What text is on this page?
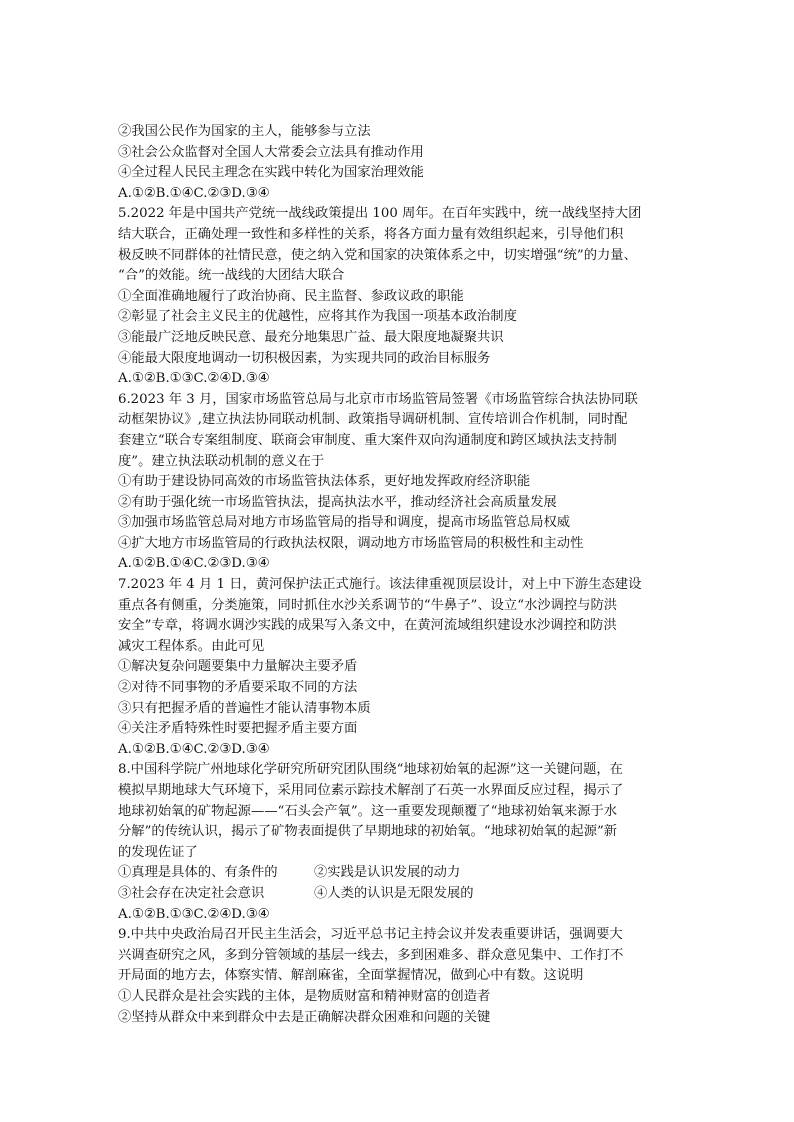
②我国公民作为国家的主人，能够参与立法
③社会公众监督对全国人大常委会立法具有推动作用
④全过程人民民主理念在实践中转化为国家治理效能
A.①②B.①④C.②③D.③④
5.2022 年是中国共产党统一战线政策提出 100 周年。在百年实践中，统一战线坚持大团
结大联合，正确处理一致性和多样性的关系，将各方面力量有效组织起来，引导他们积
极反映不同群体的社情民意，使之纳入党和国家的决策体系之中，切实增强“统”的力量、
“合”的效能。统一战线的大团结大联合
①全面准确地履行了政治协商、民主监督、参政议政的职能
②彰显了社会主义民主的优越性，应将其作为我国一项基本政治制度
③能最广泛地反映民意、最充分地集思广益、最大限度地凝聚共识
④能最大限度地调动一切积极因素，为实现共同的政治目标服务
A.①②B.①③C.②④D.③④
6.2023 年 3 月，国家市场监管总局与北京市市场监管局签署《市场监管综合执法协同联
动框架协议》,建立执法协同联动机制、政策指导调研机制、宣传培训合作机制，同时配
套建立“联合专案组制度、联商会审制度、重大案件双向沟通制度和跨区域执法支持制
度”。建立执法联动机制的意义在于
①有助于建设协同高效的市场监管执法体系，更好地发挥政府经济职能
②有助于强化统一市场监管执法，提高执法水平，推动经济社会高质量发展
③加强市场监管总局对地方市场监管局的指导和调度，提高市场监管总局权威
④扩大地方市场监管局的行政执法权限，调动地方市场监管局的积极性和主动性
A.①②B.①④C.②③D.③④
7.2023 年 4 月 1 日，黄河保护法正式施行。该法律重视顶层设计，对上中下游生态建设
重点各有侧重，分类施策，同时抓住水沙关系调节的“牛鼻子”、设立“水沙调控与防洪
安全”专章，将调水调沙实践的成果写入条文中，在黄河流域组织建设水沙调控和防洪
减灾工程体系。由此可见
①解决复杂问题要集中力量解决主要矛盾
②对待不同事物的矛盾要采取不同的方法
③只有把握矛盾的普遍性才能认清事物本质
④关注矛盾特殊性时要把握矛盾主要方面
A.①②B.①④C.②③D.③④
8.中国科学院广州地球化学研究所研究团队围绕“地球初始氧的起源”这一关键问题，在
模拟早期地球大气环境下，采用同位素示踪技术解剖了石英一水界面反应过程，揭示了
地球初始氧的矿物起源——“石头会产氧”。这一重要发现颠覆了“地球初始氧来源于水
分解”的传统认识，揭示了矿物表面提供了早期地球的初始氧。“地球初始氧的起源”新
的发现佐证了
①真理是具体的、有条件的	②实践是认识发展的动力
③社会存在决定社会意识	④人类的认识是无限发展的
A.①②B.①③C.②④D.③④
9.中共中央政治局召开民主生活会，习近平总书记主持会议并发表重要讲话，强调要大
兴调查研究之风，多到分管领域的基层一线去，多到困难多、群众意见集中、工作打不
开局面的地方去，体察实情、解剖麻雀，全面掌握情况，做到心中有数。这说明
①人民群众是社会实践的主体，是物质财富和精神财富的创造者
②坚持从群众中来到群众中去是正确解决群众困难和问题的关键
